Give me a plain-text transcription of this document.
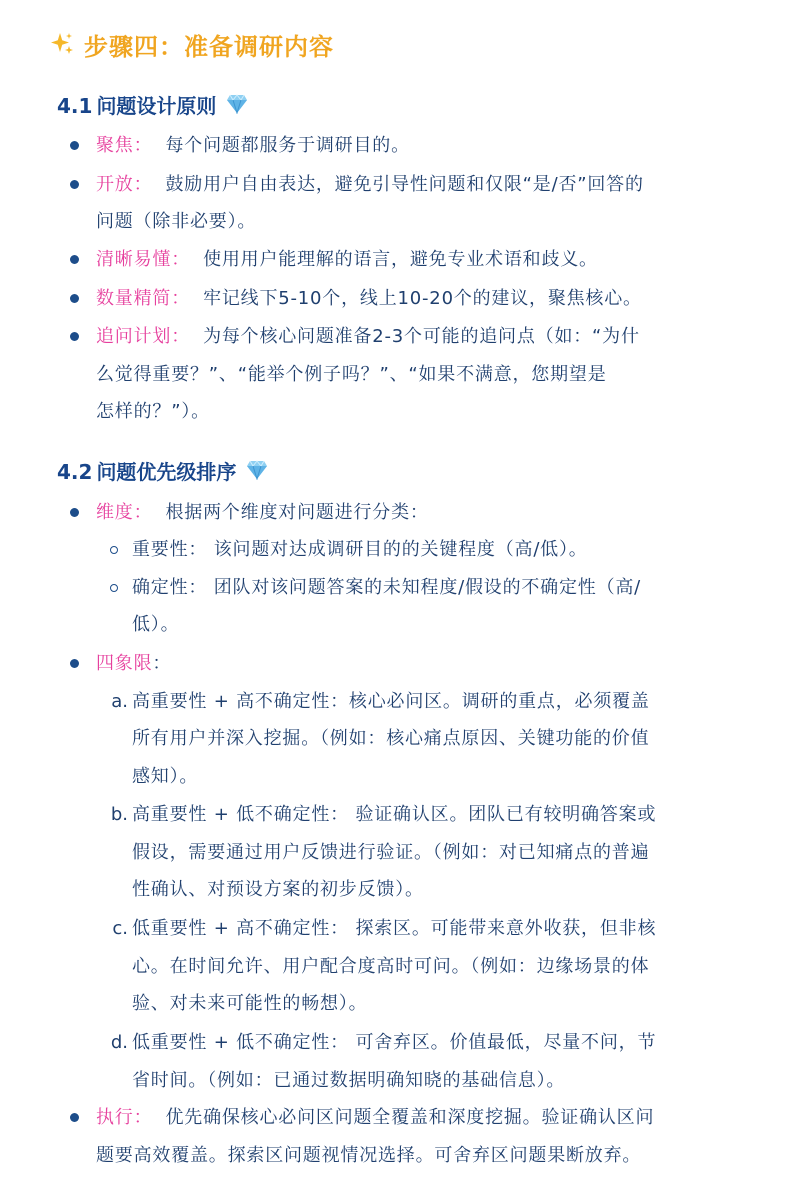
步骤四：准备调研内容
4.1 问题设计原则
聚焦： 每个问题都服务于调研目的。
开放： 鼓励用户自由表达，避免引导性问题和仅限“是/否”回答的
问题（除非必要）。
清晰易懂： 使用用户能理解的语言，避免专业术语和歧义。
数量精简： 牢记线下5-10个，线上10-20个的建议，聚焦核心。
追问计划： 为每个核心问题准备2-3个可能的追问点（如：“为什
么觉得重要？”、“能举个例子吗？”、“如果不满意，您期望是
怎样的？”）。
4.2 问题优先级排序
维度： 根据两个维度对问题进行分类：
重要性： 该问题对达成调研目的的关键程度（高/低）。
确定性： 团队对该问题答案的未知程度/假设的不确定性（高/
低）。
四象限：
a. 高重要性 + 高不确定性：核心必问区。调研的重点，必须覆盖
所有用户并深入挖掘。（例如：核心痛点原因、关键功能的价值
感知）。
b. 高重要性 + 低不确定性： 验证确认区。团队已有较明确答案或
假设，需要通过用户反馈进行验证。（例如：对已知痛点的普遍
性确认、对预设方案的初步反馈）。
c. 低重要性 + 高不确定性： 探索区。可能带来意外收获，但非核
心。在时间允许、用户配合度高时可问。（例如：边缘场景的体
验、对未来可能性的畅想）。
d. 低重要性 + 低不确定性： 可舍弃区。价值最低，尽量不问，节
省时间。（例如：已通过数据明确知晓的基础信息）。
执行： 优先确保核心必问区问题全覆盖和深度挖掘。验证确认区问
题要高效覆盖。探索区问题视情况选择。可舍弃区问题果断放弃。
